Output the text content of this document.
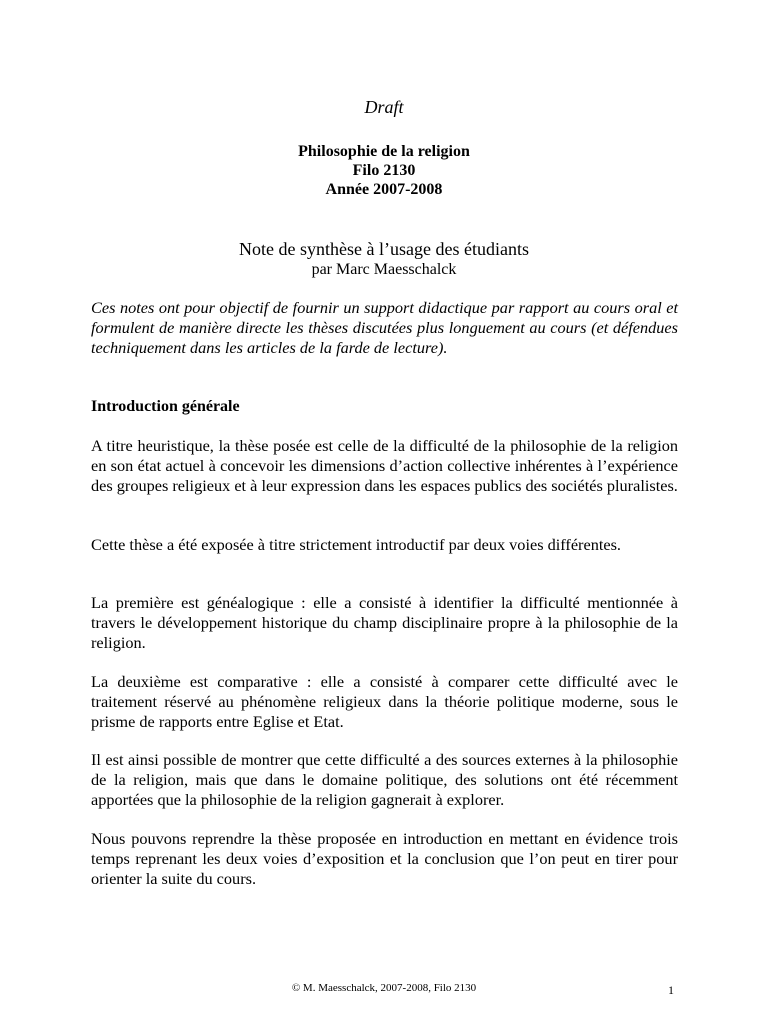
Draft
Philosophie de la religion
Filo 2130
Année 2007-2008
Note de synthèse à l’usage des étudiants
par Marc Maesschalck
Ces notes ont pour objectif de fournir un support didactique par rapport au cours oral et formulent de manière directe les thèses discutées plus longuement au cours (et défendues techniquement dans les articles de la farde de lecture).
Introduction générale

A titre heuristique, la thèse posée est celle de la difficulté de la philosophie de la religion en son état actuel à concevoir les dimensions d’action collective inhérentes à l’expérience des groupes religieux et à leur expression dans les espaces publics des sociétés pluralistes.

Cette thèse a été exposée à titre strictement introductif par deux voies différentes.

La première est généalogique : elle a consisté à identifier la difficulté mentionnée à travers le développement historique du champ disciplinaire propre à la philosophie de la religion.

La deuxième est comparative : elle a consisté à comparer cette difficulté avec le traitement réservé au phénomène religieux dans la théorie politique moderne, sous le prisme de rapports entre Eglise et Etat.

Il est ainsi possible de montrer que cette difficulté a des sources externes à la philosophie de la religion, mais que dans le domaine politique, des solutions ont été récemment apportées que la philosophie de la religion gagnerait à explorer.

Nous pouvons reprendre la thèse proposée en introduction en mettant en évidence trois temps reprenant les deux voies d’exposition et la conclusion que l’on peut en tirer pour orienter la suite du cours.

© M. Maesschalck, 2007-2008, Filo 2130	1
